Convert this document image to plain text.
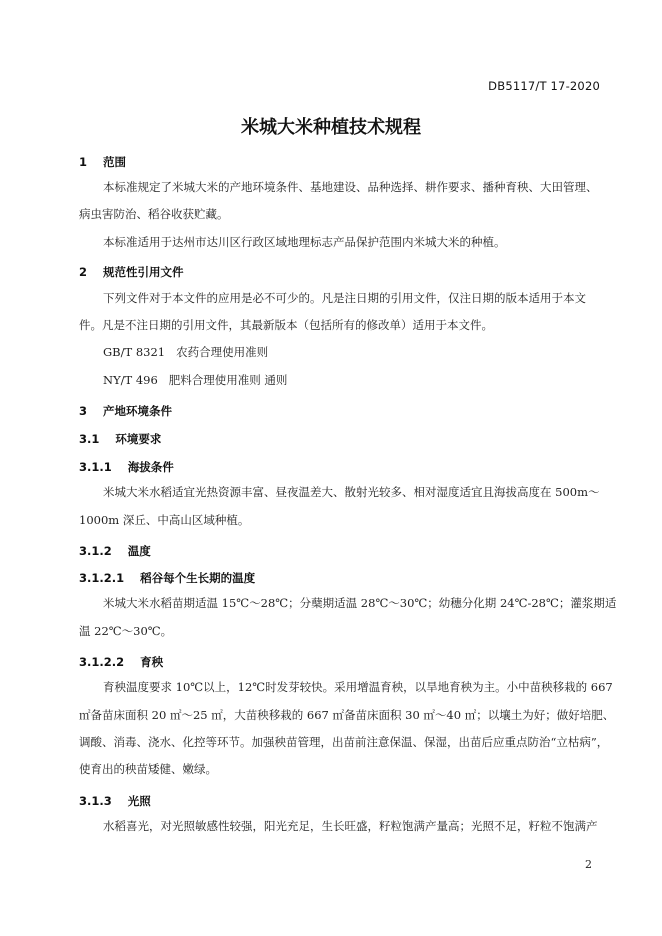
DB5117/T 17-2020
米城大米种植技术规程
1 范围
本标准规定了米城大米的产地环境条件、基地建设、品种选择、耕作要求、播种育秧、大田管理、
病虫害防治、稻谷收获贮藏。
本标准适用于达州市达川区行政区域地理标志产品保护范围内米城大米的种植。
2 规范性引用文件
下列文件对于本文件的应用是必不可少的。凡是注日期的引用文件，仅注日期的版本适用于本文
件。凡是不注日期的引用文件，其最新版本（包括所有的修改单）适用于本文件。
GB/T 8321 农药合理使用准则
NY/T 496 肥料合理使用准则 通则
3 产地环境条件
3.1 环境要求
3.1.1 海拔条件
米城大米水稻适宜光热资源丰富、昼夜温差大、散射光较多、相对湿度适宜且海拔高度在 500m～
1000m 深丘、中高山区域种植。
3.1.2 温度
3.1.2.1 稻谷每个生长期的温度
米城大米水稻苗期适温 15℃～28℃；分蘖期适温 28℃～30℃；幼穗分化期 24℃-28℃；灌浆期适
温 22℃～30℃。
3.1.2.2 育秧
育秧温度要求 10℃以上，12℃时发芽较快。采用增温育秧，以旱地育秧为主。小中苗秧移栽的 667
㎡备苗床面积 20 ㎡～25 ㎡，大苗秧移栽的 667 ㎡备苗床面积 30 ㎡～40 ㎡；以壤土为好；做好培肥、
调酸、消毒、浇水、化控等环节。加强秧苗管理，出苗前注意保温、保湿，出苗后应重点防治“立枯病”，
使育出的秧苗矮健、嫩绿。
3.1.3 光照
水稻喜光，对光照敏感性较强，阳光充足，生长旺盛，籽粒饱满产量高；光照不足，籽粒不饱满产
2
